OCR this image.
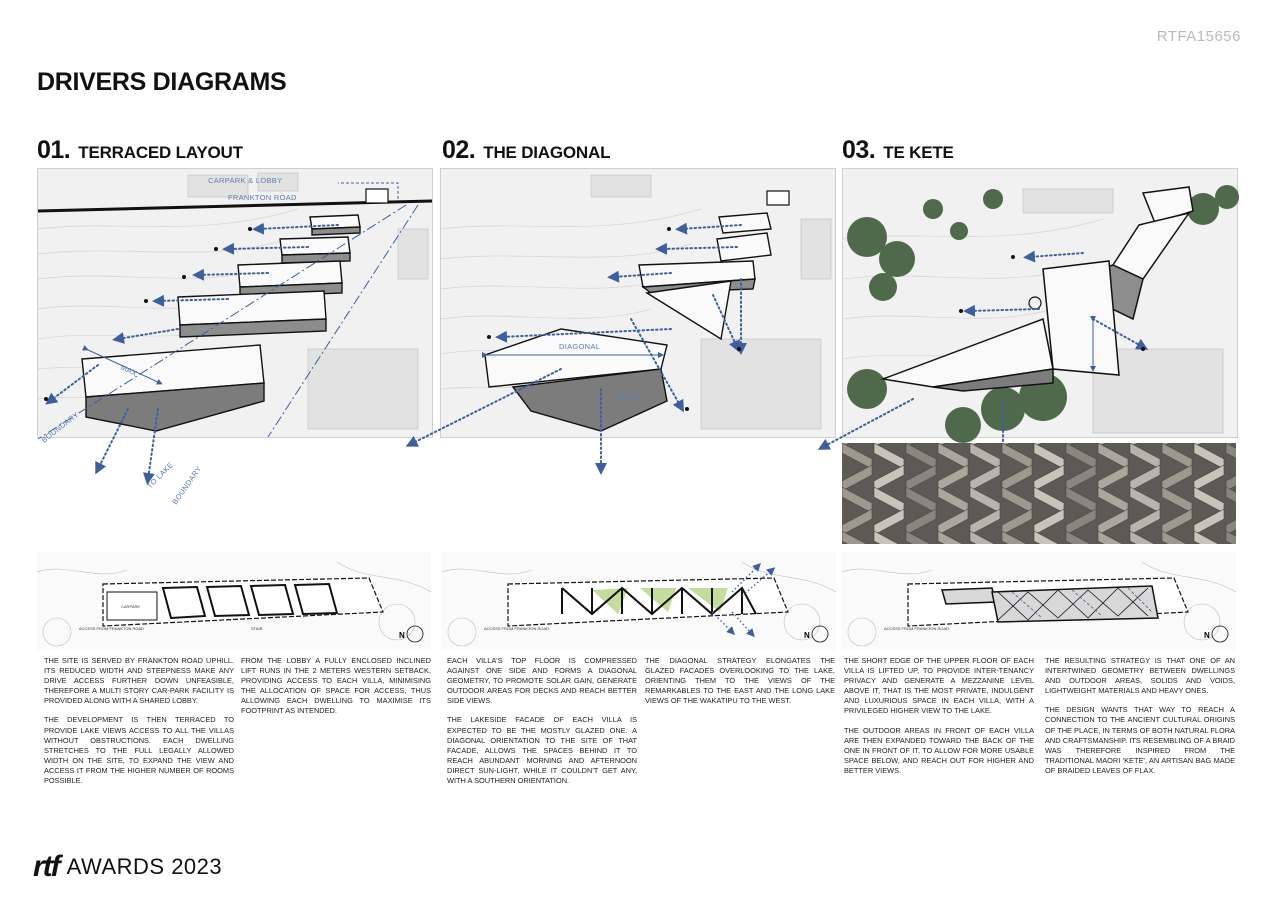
RTFA15656
DRIVERS DIAGRAMS
01. TERRACED LAYOUT	02. THE DIAGONAL	03. TE KETE
CARPARK & LOBBY
FRANKTON ROAD
MAX
BOUNDARY
TO LAKE
BOUNDARY
DIAGONAL
DECK
CARPARK
STAIR
ACCESS FROM FRANKTON ROAD
N
ACCESS FROM FRANKTON ROAD
N
ACCESS FROM FRANKTON ROAD
N

THE SITE IS SERVED BY FRANKTON ROAD UPHILL. ITS REDUCED WIDTH AND STEEPNESS MAKE ANY DRIVE ACCESS FURTHER DOWN UNFEASIBLE, THEREFORE A MULTI STORY CAR-PARK FACILITY IS PROVIDED ALONG WITH A SHARED LOBBY.

THE DEVELOPMENT IS THEN TERRACED TO PROVIDE LAKE VIEWS ACCESS TO ALL THE VILLAS WITHOUT OBSTRUCTIONS. EACH DWELLING STRETCHES TO THE FULL LEGALLY ALLOWED WIDTH ON THE SITE, TO EXPAND THE VIEW AND ACCESS IT FROM THE HIGHER NUMBER OF ROOMS POSSIBLE.

FROM THE LOBBY A FULLY ENCLOSED INCLINED LIFT RUNS IN THE 2 METERS WESTERN SETBACK, PROVIDING ACCESS TO EACH VILLA, MINIMISING THE ALLOCATION OF SPACE FOR ACCESS, THUS ALLOWING EACH DWELLING TO MAXIMISE ITS FOOTPRINT AS INTENDED.

EACH VILLA'S TOP FLOOR IS COMPRESSED AGAINST ONE SIDE AND FORMS A DIAGONAL GEOMETRY, TO PROMOTE SOLAR GAIN, GENERATE OUTDOOR AREAS FOR DECKS AND REACH BETTER SIDE VIEWS.

THE LAKESIDE FACADE OF EACH VILLA IS EXPECTED TO BE THE MOSTLY GLAZED ONE. A DIAGONAL ORIENTATION TO THE SITE OF THAT FACADE, ALLOWS THE SPACES BEHIND IT TO REACH ABUNDANT MORNING AND AFTERNOON DIRECT SUN-LIGHT, WHILE IT COULDN'T GET ANY, WITH A SOUTHERN ORIENTATION.

THE DIAGONAL STRATEGY ELONGATES THE GLAZED FACADES OVERLOOKING TO THE LAKE, ORIENTING THEM TO THE VIEWS OF THE REMARKABLES TO THE EAST AND THE LONG LAKE VIEWS OF THE WAKATIPU TO THE WEST.

THE SHORT EDGE OF THE UPPER FLOOR OF EACH VILLA IS LIFTED UP, TO PROVIDE INTER-TENANCY PRIVACY AND GENERATE A MEZZANINE LEVEL ABOVE IT, THAT IS THE MOST PRIVATE, INDULGENT AND LUXURIOUS SPACE IN EACH VILLA, WITH A PRIVILEGED HIGHER VIEW TO THE LAKE.

THE OUTDOOR AREAS IN FRONT OF EACH VILLA ARE THEN EXPANDED TOWARD THE BACK OF THE ONE IN FRONT OF IT, TO ALLOW FOR MORE USABLE SPACE BELOW, AND REACH OUT FOR HIGHER AND BETTER VIEWS.

THE RESULTING STRATEGY IS THAT ONE OF AN INTERTWINED GEOMETRY BETWEEN DWELLINGS AND OUTDOOR AREAS, SOLIDS AND VOIDS, LIGHTWEIGHT MATERIALS AND HEAVY ONES.

THE DESIGN WANTS THAT WAY TO REACH A CONNECTION TO THE ANCIENT CULTURAL ORIGINS OF THE PLACE, IN TERMS OF BOTH NATURAL FLORA AND CRAFTSMANSHIP. ITS RESEMBLING OF A BRAID WAS THEREFORE INSPIRED FROM THE TRADITIONAL MAORI 'KETE', AN ARTISAN BAG MADE OF BRAIDED LEAVES OF FLAX.

rtf AWARDS 2023
